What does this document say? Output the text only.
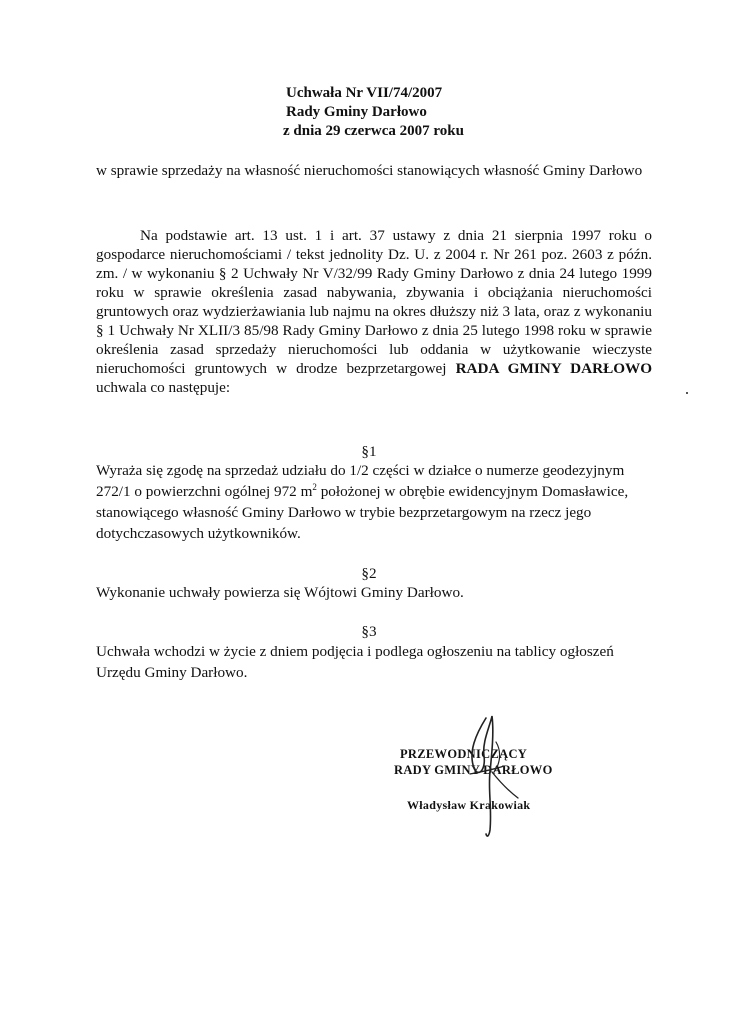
Uchwała Nr VII/74/2007
Rady Gminy Darłowo
z dnia 29 czerwca 2007 roku
w sprawie sprzedaży na własność nieruchomości stanowiących własność Gminy Darłowo
Na podstawie art. 13 ust. 1 i art. 37 ustawy z dnia 21 sierpnia 1997 roku o gospodarce nieruchomościami / tekst jednolity Dz. U. z 2004 r. Nr 261 poz. 2603 z późn. zm. / w wykonaniu § 2 Uchwały Nr V/32/99 Rady Gminy Darłowo z dnia 24 lutego 1999 roku w sprawie określenia zasad nabywania, zbywania i obciążania nieruchomości gruntowych oraz wydzierżawiania lub najmu na okres dłuższy niż 3 lata, oraz z wykonaniu § 1 Uchwały Nr XLII/3 85/98 Rady Gminy Darłowo z dnia 25 lutego 1998 roku w sprawie określenia zasad sprzedaży nieruchomości lub oddania w użytkowanie wieczyste nieruchomości gruntowych w drodze bezprzetargowej RADA GMINY DARŁOWO uchwala co następuje:
§1
Wyraża się zgodę na sprzedaż udziału do 1/2 części w działce o numerze geodezyjnym 272/1 o powierzchni ogólnej 972 $m^2$ położonej w obrębie ewidencyjnym Domasławice, stanowiącego własność Gminy Darłowo w trybie bezprzetargowym na rzecz jego dotychczasowych użytkowników.
§2
Wykonanie uchwały powierza się Wójtowi Gminy Darłowo.
§3
Uchwała wchodzi w życie z dniem podjęcia i podlega ogłoszeniu na tablicy ogłoszeń Urzędu Gminy Darłowo.
PRZEWODNICZĄCY
RADY GMINY DARŁOWO
Władysław Krakowiak
